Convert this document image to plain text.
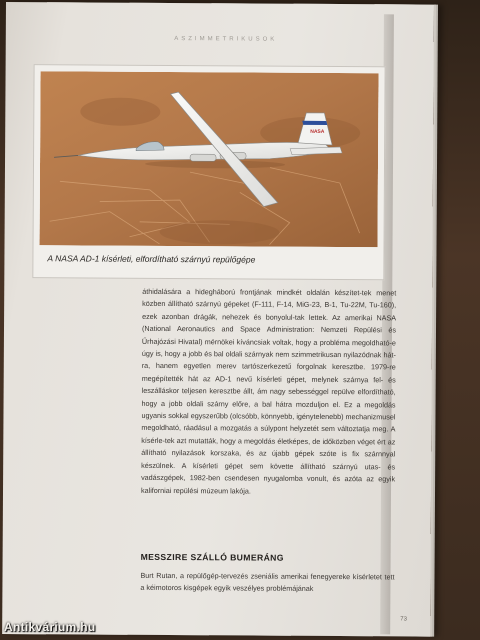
ASZIMMETRIKUSOK
NASA
A NASA AD-1 kísérleti, elfordítható szárnyú repülőgépe

áthidalására a hidegháború frontjának mindkét oldalán készítet-tek menet közben állítható szárnyú gépeket (F-111, F-14, MiG-23, B-1, Tu-22M, Tu-160), ezek azonban drágák, nehezek és bonyolul-tak lettek. Az amerikai NASA (National Aeronautics and Space Administration: Nemzeti Repülési és Űrhajózási Hivatal) mérnökei kíváncsiak voltak, hogy a probléma megoldható-e úgy is, hogy a jobb és bal oldali szárnyak nem szimmetrikusan nyilazódnak hát-ra, hanem egyetlen merev tartószerkezetű forgolnak keresztbe. 1979-re megépítették hát az AD-1 nevű kísérleti gépet, melynek szárnya fel- és leszálláskor teljesen keresztbe állt, ám nagy sebességgel repülve elfordítható, hogy a jobb oldali szárny előre, a bal hátra mozduljon el. Ez a megoldás ugyanis sokkal egyszerűbb (olcsóbb, könnyebb, igénytelenebb) mechanizmusel megoldható, ráadásul a mozgatás a súlypont helyzetét sem változtatja meg. A kísérle-tek azt mutatták, hogy a megoldás életképes, de időközben véget ért az állítható nyilazások korszaka, és az újabb gépek szóte is fix szárnnyal készülnek. A kísérleti gépet sem követte állítható szárnyú utas- és vadászgépek, 1982-ben csendesen nyugalomba vonult, és azóta az egyik kaliforniai repülési múzeum lakója.

MESSZIRE SZÁLLÓ BUMERÁNG
Burt Rutan, a repülőgép-tervezés zseniális amerikai fenegyereke kísérletet tett a kéimotoros kisgépek egyik veszélyes problémájának
73
Antikvárium.hu
